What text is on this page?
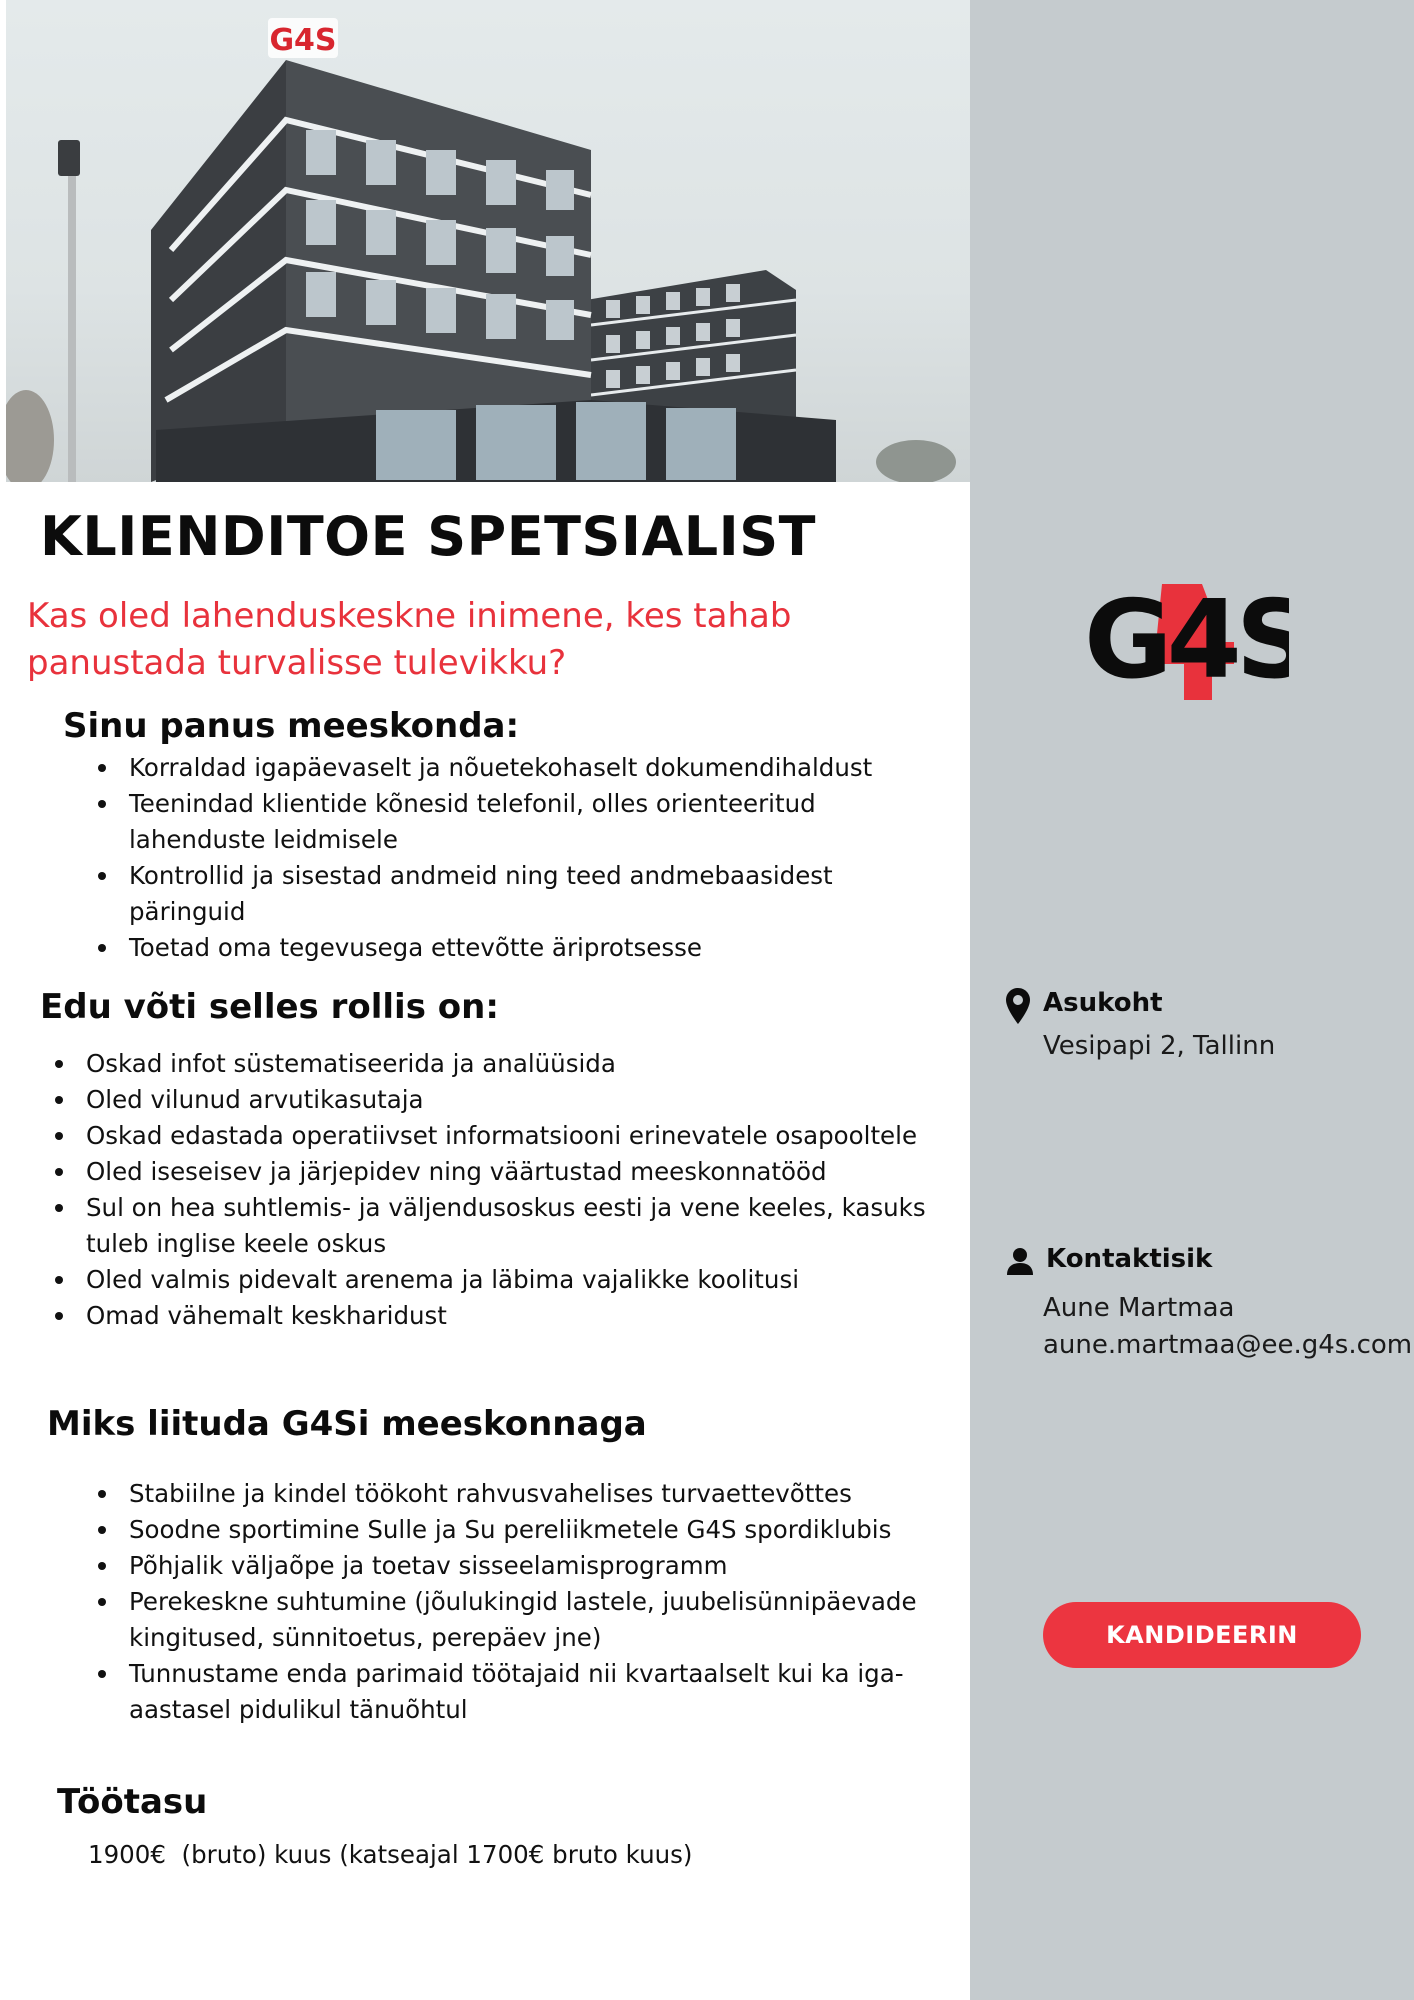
G4S
KLIENDITOE SPETSIALIST

Kas oled lahenduskeskne inimene, kes tahab panustada turvalisse tulevikku?

Sinu panus meeskonda:
Korraldad igapäevaselt ja nõuetekohaselt dokumendihaldust
Teenindad klientide kõnesid telefonil, olles orienteeritud lahenduste leidmisele
Kontrollid ja sisestad andmeid ning teed andmebaasidest päringuid
Toetad oma tegevusega ettevõtte äriprotsesse
Edu võti selles rollis on:
Oskad infot süstematiseerida ja analüüsida
Oled vilunud arvutikasutaja
Oskad edastada operatiivset informatsiooni erinevatele osapooltele
Oled iseseisev ja järjepidev ning väärtustad meeskonnatööd
Sul on hea suhtlemis- ja väljendusoskus eesti ja vene keeles, kasuks tuleb inglise keele oskus
Oled valmis pidevalt arenema ja läbima vajalikke koolitusi
Omad vähemalt keskharidust
Miks liituda G4Si meeskonnaga
Stabiilne ja kindel töökoht rahvusvahelises turvaettevõttes
Soodne sportimine Sulle ja Su pereliikmetele G4S spordiklubis
Põhjalik väljaõpe ja toetav sisseelamisprogramm
Perekeskne suhtumine (jõulukingid lastele, juubelisünnipäevade kingitused, sünnitoetus, perepäev jne)
Tunnustame enda parimaid töötajaid nii kvartaalselt kui ka iga-aastasel pidulikul tänuõhtul
Töötasu

1900€  (bruto) kuus (katseajal 1700€ bruto kuus)

G4S

Asukoht

Vesipapi 2, Tallinn

Kontaktisik

Aune Martmaa

aune.martmaa@ee.g4s.com

KANDIDEERIN
